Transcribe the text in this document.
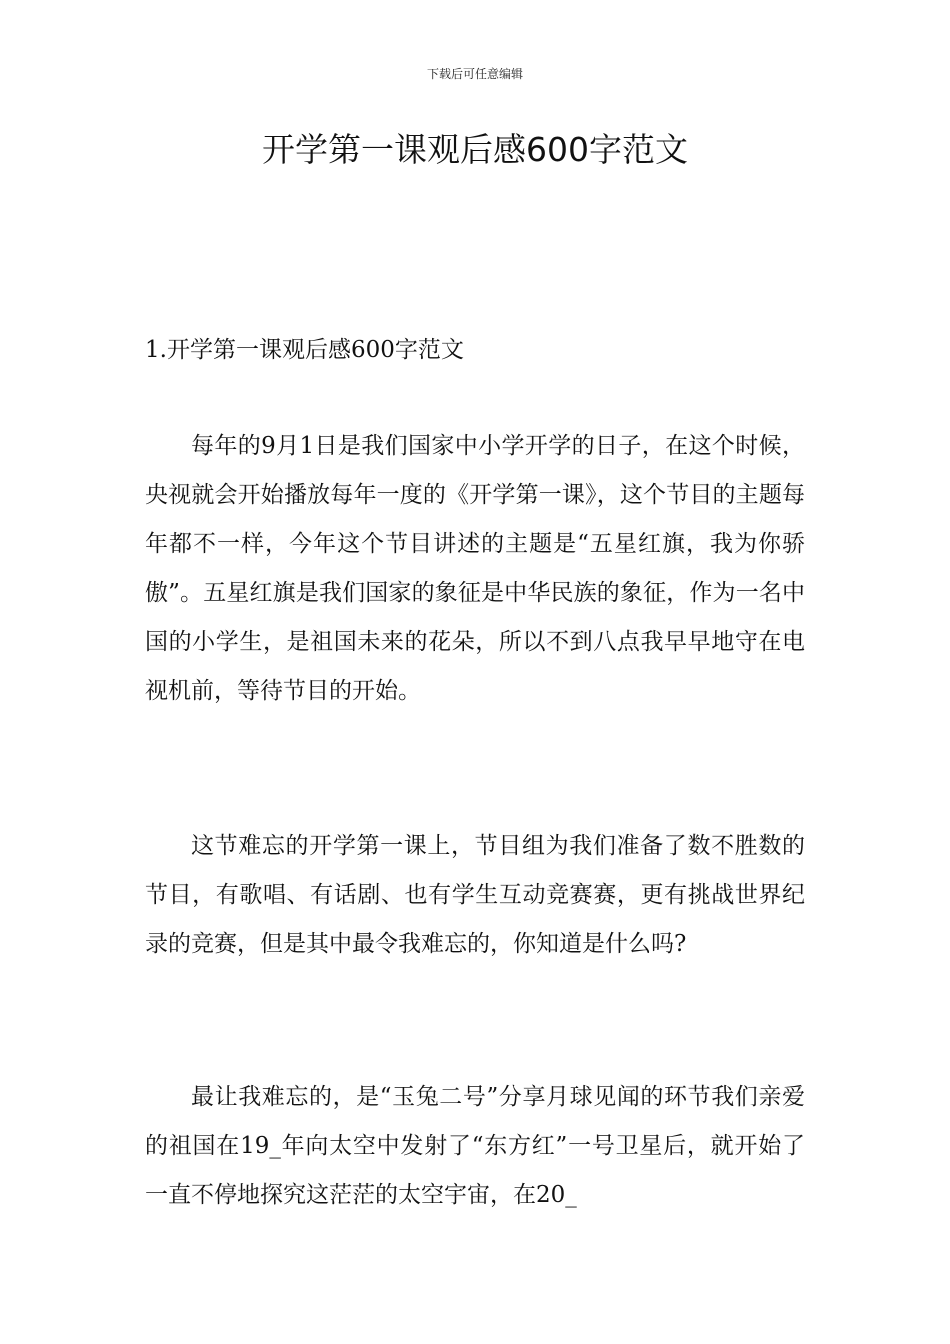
下载后可任意编辑
开学第一课观后感600字范文
1.开学第一课观后感600字范文

每年的9月1日是我们国家中小学开学的日子，在这个时候，央视就会开始播放每年一度的《开学第一课》，这个节目的主题每年都不一样，今年这个节目讲述的主题是“五星红旗，我为你骄傲”。五星红旗是我们国家的象征是中华民族的象征，作为一名中国的小学生，是祖国未来的花朵，所以不到八点我早早地守在电视机前，等待节目的开始。

这节难忘的开学第一课上，节目组为我们准备了数不胜数的节目，有歌唱、有话剧、也有学生互动竞赛赛，更有挑战世界纪录的竞赛，但是其中最令我难忘的，你知道是什么吗?

最让我难忘的，是“玉兔二号”分享月球见闻的环节我们亲爱的祖国在19_年向太空中发射了“东方红”一号卫星后，就开始了一直不停地探究这茫茫的太空宇宙，在20_
